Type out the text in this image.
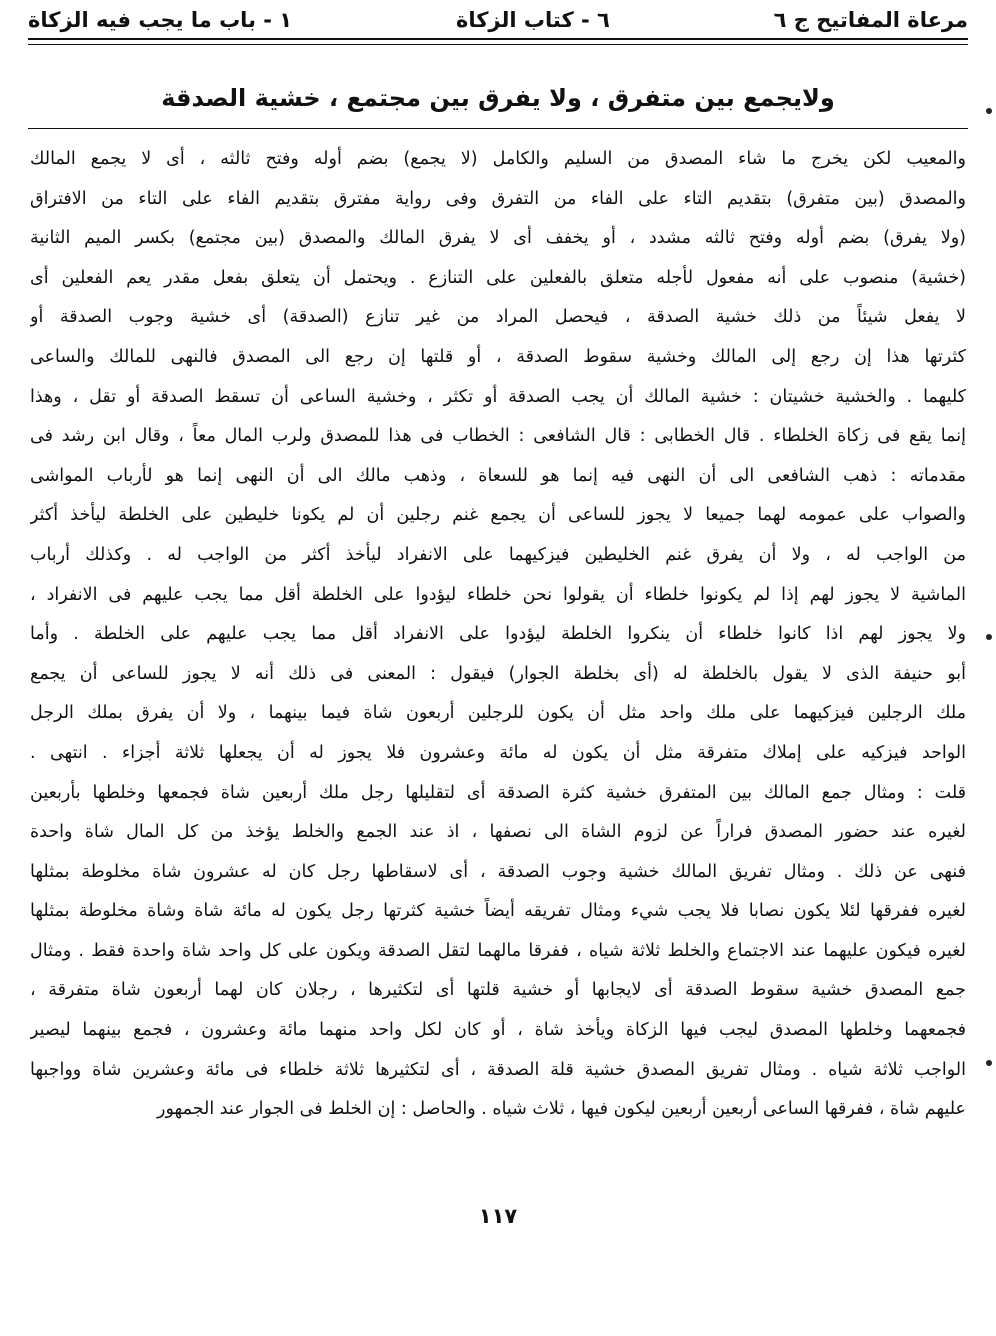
مرعاة المفاتيح ج ٦
٦ - كتاب الزكاة
١ - باب ما يجب فيه الزكاة
ولايجمع بين متفرق ، ولا يفرق بين مجتمع ، خشية الصدقة
والمعيب لكن يخرج ما شاء المصدق من السليم والكامل (لا يجمع) بضم أوله وفتح ثالثه ، أى لا يجمع المالك
والمصدق (بين متفرق) بتقديم التاء على الفاء من التفرق وفى رواية مفترق بتقديم الفاء على التاء من الافتراق
(ولا يفرق) بضم أوله وفتح ثالثه مشدد ، أو يخفف أى لا يفرق المالك والمصدق (بين مجتمع) بكسر الميم الثانية
(خشية) منصوب على أنه مفعول لأجله متعلق بالفعلين على التنازع . ويحتمل أن يتعلق بفعل مقدر يعم الفعلين أى
لا يفعل شيئاً من ذلك خشية الصدقة ، فيحصل المراد من غير تنازع (الصدقة) أى خشية وجوب الصدقة أو
كثرتها هذا إن رجع إلى المالك وخشية سقوط الصدقة ، أو قلتها إن رجع الى المصدق فالنهى للمالك والساعى
كليهما . والخشية خشيتان : خشية المالك أن يجب الصدقة أو تكثر ، وخشية الساعى أن تسقط الصدقة أو تقل ، وهذا
إنما يقع فى زكاة الخلطاء . قال الخطابى : قال الشافعى : الخطاب فى هذا للمصدق ولرب المال معاً ، وقال ابن رشد فى
مقدماته : ذهب الشافعى الى أن النهى فيه إنما هو للسعاة ، وذهب مالك الى أن النهى إنما هو لأرباب المواشى
والصواب على عمومه لهما جميعا لا يجوز للساعى أن يجمع غنم رجلين أن لم يكونا خليطين على الخلطة ليأخذ أكثر
من الواجب له ، ولا أن يفرق غنم الخليطين فيزكيهما على الانفراد ليأخذ أكثر من الواجب له . وكذلك أرباب
الماشية لا يجوز لهم إذا لم يكونوا خلطاء أن يقولوا نحن خلطاء ليؤدوا على الخلطة أقل مما يجب عليهم فى الانفراد ،
ولا يجوز لهم اذا كانوا خلطاء أن ينكروا الخلطة ليؤدوا على الانفراد أقل مما يجب عليهم على الخلطة . وأما
أبو حنيفة الذى لا يقول بالخلطة له (أى بخلطة الجوار) فيقول : المعنى فى ذلك أنه لا يجوز للساعى أن يجمع
ملك الرجلين فيزكيهما على ملك واحد مثل أن يكون للرجلين أربعون شاة فيما بينهما ، ولا أن يفرق بملك الرجل
الواحد فيزكيه على إملاك متفرقة مثل أن يكون له مائة وعشرون فلا يجوز له أن يجعلها ثلاثة أجزاء . انتهى .
قلت : ومثال جمع المالك بين المتفرق خشية كثرة الصدقة أى لتقليلها رجل ملك أربعين شاة فجمعها وخلطها بأربعين
لغيره عند حضور المصدق فراراً عن لزوم الشاة الى نصفها ، اذ عند الجمع والخلط يؤخذ من كل المال شاة واحدة
فنهى عن ذلك . ومثال تفريق المالك خشية وجوب الصدقة ، أى لاسقاطها رجل كان له عشرون شاة مخلوطة بمثلها
لغيره ففرقها لئلا يكون نصابا فلا يجب شيء ومثال تفريقه أيضاً خشية كثرتها رجل يكون له مائة شاة وشاة مخلوطة بمثلها
لغيره فيكون عليهما عند الاجتماع والخلط ثلاثة شياه ، ففرقا مالهما لتقل الصدقة ويكون على كل واحد شاة واحدة فقط . ومثال
جمع المصدق خشية سقوط الصدقة أى لايجابها أو خشية قلتها أى لتكثيرها ، رجلان كان لهما أربعون شاة متفرقة ،
فجمعهما وخلطها المصدق ليجب فيها الزكاة ويأخذ شاة ، أو كان لكل واحد منهما مائة وعشرون ، فجمع بينهما ليصير
الواجب ثلاثة شياه . ومثال تفريق المصدق خشية قلة الصدقة ، أى لتكثيرها ثلاثة خلطاء فى مائة وعشرين شاة وواجبها
عليهم شاة ، ففرقها الساعى أربعين أربعين ليكون فيها ، ثلاث شياه . والحاصل : إن الخلط فى الجوار عند الجمهور
١١٧
